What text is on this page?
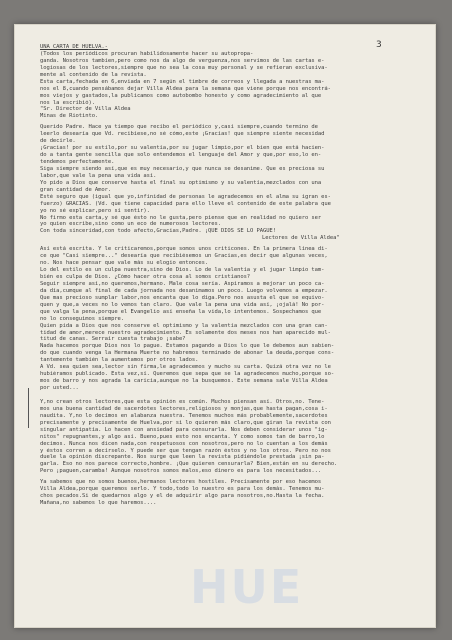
3
HUE
UNA CARTA DE HUELVA.-
(Todos los periódicos procuran habilidosamente hacer su autopropa-
ganda. Nosotros tambien,pero como nos da algo de verguenza,nos servimos de las cartas e-
logiosas de los lectores,siempre que no sea la cosa muy personal y se refieran exclusiva-
mente al contenido de la revista.
Esta carta,fechada en 6,enviada en 7 según el timbre de correos y llegada a nuestras ma-
nos el 8,cuando pensábamos dejar Villa Aldea para la semana que viene porque nos encontrá-
mos viejos y gastados,la publicamos como autobombo honesto y como agradecimiento al que
nos la escribió).
"Sr. Director de Villa Aldea
Minas de Riotinto.
Querido Padre. Hace ya tiempo que recibo el periódico y,casi siempre,cuando termino de
leerlo desearía que Vd. recibiese,no sé cómo,este ¡Gracias! que siempre siente necesidad
de decirle.
¡Gracias! por su estilo,por su valentía,por su jugar limpio,por el bien que está hacien-
do a tanta gente sencilla que solo entendemos el lenguaje del Amor y que,por eso,lo en-
tendemos perfectamente.
Siga siempre siendo así,que es muy necesario,y que nunca se desanime. Que es preciosa su
labor,que vale la pena una vida así.
Yo pido a Dios que conserve hasta el final su optimismo y su valentía,mezclados con una
gran cantidad de Amor.
Esté seguro que (igual que yo,infinidad de personas le agradecemos en el alma su igran es-
fuerzo) GRACIAS. (Vd. que tiene capacidad para ello lleve el contenido de este palabra que
yo no sé explicar,pero sí sentir).
No firmo esta carta,y sé que ésto no le gusta,pero piense que en realidad no quiero ser
yo quien escribe,sino como un eco de numerosos lectores.
Con toda sinceridad,con todo afecto,Gracias,Padre. ¡QUE DIOS SE LO PAGUE!
Lectores de Villa Aldea"
Así está escrita. Y le criticaremos,porque somos unos criticones. En la primera línea di-
ce que "Casi siempre..." desearía que recibiésemos un Gracias,es decir que algunas veces,
no. Nos hace pensar que vale más su elogio entonces.
Lo del estilo es un culpa nuestra,sino de Dios. Lo de la valentía y el jugar limpio tam-
bién es culpa de Dios. ¿Cómo hacer otra cosa al somos cristianos?
Seguir siempre así,no queremos,hermano. Male cosa sería. Aspiramos a mejorar un poco ca-
da día,cumque al final de cada jornada nos desanimamos un poco. Luego volvemos a empezar.
Que mas precioso sumplar labor,nos encanta que lo diga.Pero nos asusta el que se equivo-
quen y que,a veces no lo vemos tan claro. Que vale la pena una vida así, ¡ojalá! No por-
que valga la pena,porque el Evangelio así enseña la vida,lo intentemos. Sospechamos que
no lo conseguimos siempre.
Quien pida a Dios que nos conserve el optimismo y la valentía mezclados con una gran can-
tidad de amor,merece nuestro agradecimiento. Es solamente dos meses nos han aparecido mul-
titud de canas. Serraír cuesta trabajo ¡sabe?
Nada hacemos porque Dios nos lo pague. Estamos pagando a Dios lo que le debemos aun sabien-
do que cuando venga la Hermana Muerte no habremos terminado de abonar la deuda,porque cons-
tantemente también la aumentamos por otros lados.
A Vd. sea quien sea,lector sin firma,le agradecemos y mucho su carta. Quizá otra vez no le
hubiéramos publicado. Esta vez,sí. Queremos que sepa que se la agradecemos mucho,porque so-
mos de barro y nos agrada la caricia,aunque no la busquemos. Este semana sale Villa Aldea
por usted...
Y,no crean otros lectores,que esta opinión es común. Muchos piensan así. Otros,no. Tene-
mos una buena cantidad de sacerdotes lectores,religiosos y monjas,que hasta pagan,cosa i-
naudita. Y,no lo decimos en alabanza nuestra. Tenemos muchos más probablemente,sacerdotes
precisamente y precisamente de Huelva,por si lo quieren más claro,que giran la revista con
singular antipatía. Lo hacen con ansiedad para censurarla. Nos deben considerar unos "ig-
nitos" repugnantes,y algo así. Bueno,pues esto nos encanta. Y como somos tan de barro,lo
decimos. Nunca nos dicen nada,con respetuosos con nosotros,pero no lo cuentan a los demás
y éstos corren a decírselo. Y puede ser que tengan razón éstos y no los otros. Pero no nos
duele la opinión discrepante. Nos surge que leen la revista pidiéndole prestada ¡sin pa-
garla. Eso no nos parece correcto,hombre. ¡Que quieren censurarla? Bien,están en su derecho.
Pero ¡paguen,caramba! Aunque nosotros somos malos,eso dinero es para los necesitados...
Ya sabemos que no somos buenos,hermanos lectores hostiles. Precisamente por eso hacemos
Villa Aldea,porque queremos serlo. Y todo,todo lo nuestro es para los demás. Tenemos mu-
chos pecados.Si de quedarnos algo y el de adquirir algo para nosotros,no.Hasta la fecha.
Mañana,no sabemos lo que haremos....
